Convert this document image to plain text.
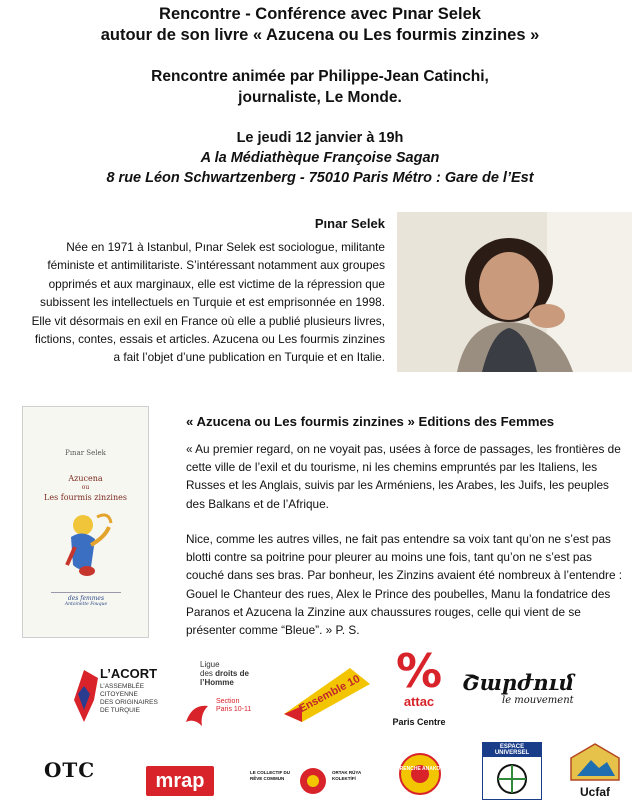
Rencontre - Conférence avec Pınar Selek
autour de son livre « Azucena ou Les fourmis zinzines »
Rencontre animée par Philippe-Jean Catinchi,
journaliste, Le Monde.
Le jeudi 12 janvier à 19h
A la Médiathèque Françoise Sagan
8 rue Léon Schwartzenberg - 75010 Paris Métro : Gare de l’Est
Pınar Selek
Née en 1971 à Istanbul, Pınar Selek est sociologue, militante féministe et antimilitariste. S’intéressant notamment aux groupes opprimés et aux marginaux, elle est victime de la répression que subissent les intellectuels en Turquie et est emprisonnée en 1998. Elle vit désormais en exil en France où elle a publié plusieurs livres, fictions, contes, essais et articles. Azucena ou Les fourmis zinzines a fait l’objet d’une publication en Turquie et en Italie.
Pınar Selek
Azucena
ou
Les fourmis zinzines
des femmes
Antoinette Fouque
« Azucena ou Les fourmis zinzines » Editions des Femmes
« Au premier regard, on ne voyait pas, usées à force de passages, les frontières de cette ville de l’exil et du tourisme, ni les chemins empruntés par les Italiens, les Russes et les Anglais, suivis par les Arméniens, les Arabes, les Juifs, les peuples des Balkans et de l’Afrique.
Nice, comme les autres villes, ne fait pas entendre sa voix tant qu’on ne s’est pas blotti contre sa poitrine pour pleurer au moins une fois, tant qu’on ne s’est pas couché dans ses bras. Par bonheur, les Zinzins avaient été nombreux à l’entendre : Gouel le Chanteur des rues, Alex le Prince des poubelles, Manu la fondatrice des Paranos et Azucena la Zinzine aux chaussures rouges, celle qui vient de se présenter comme “Bleue”. » P. S.
L’ACORT
L’ASSEMBLÉE
CITOYENNE
DES ORIGINAIRES
DE TURQUIE
Ligue
des droits de
l’Homme
Section
Paris 10-11	Ensemble 10 %
attac
Paris Centre
Շարժում
le mouvement
OTC	mrap	LE COLLECTIF DU RÊVE COMMUN
ORTAK RÜYA KOLEKTİFİ
RENCHE ANAKO
ESPACE UNIVERSEL
Ucfaf
